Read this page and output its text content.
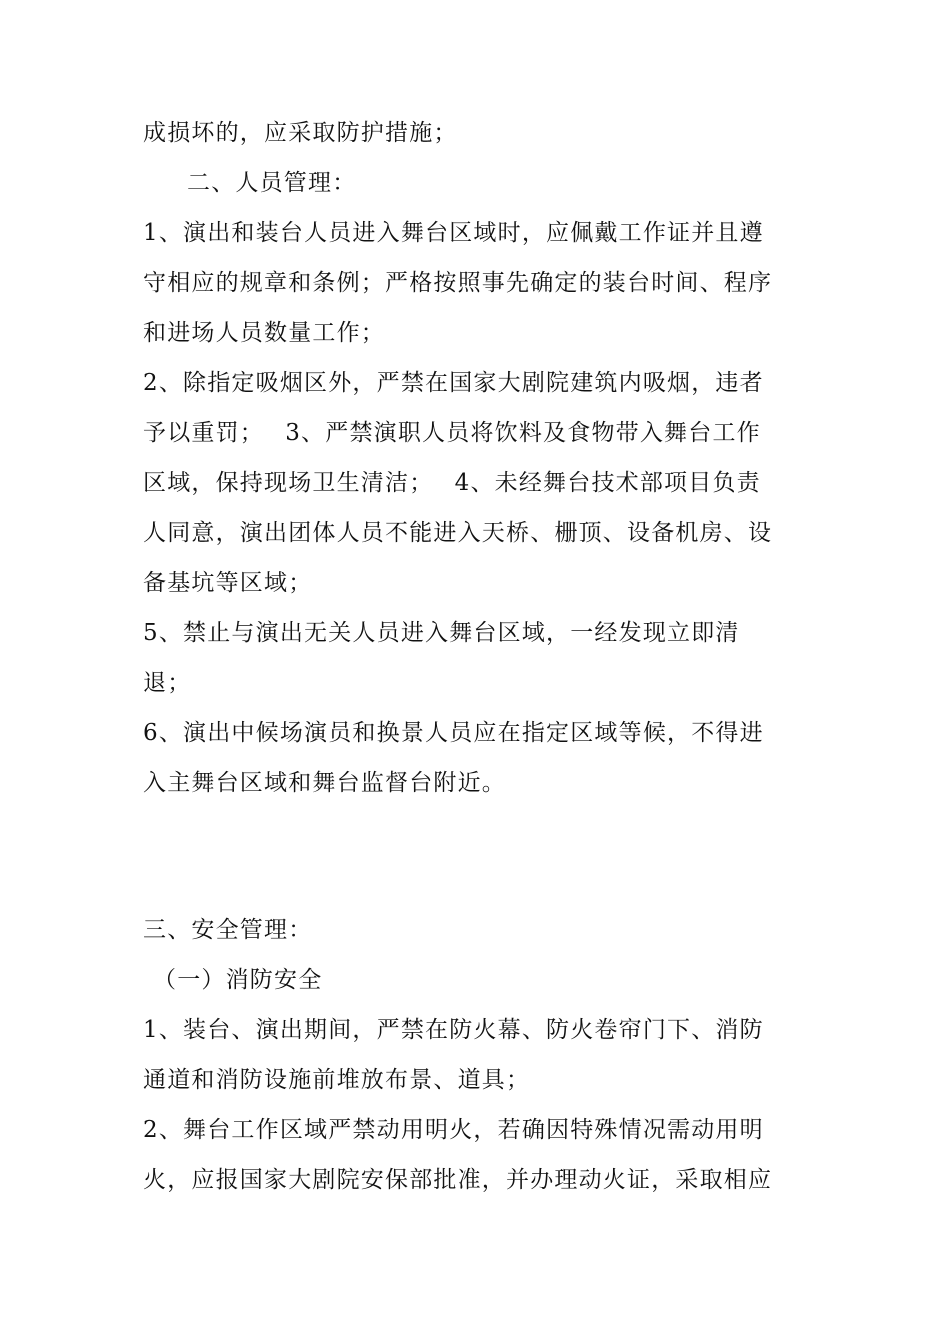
成损坏的，应采取防护措施；
二、人员管理：
1、演出和装台人员进入舞台区域时，应佩戴工作证并且遵
守相应的规章和条例；严格按照事先确定的装台时间、程序
和进场人员数量工作；
2、除指定吸烟区外，严禁在国家大剧院建筑内吸烟，违者
予以重罚；　 3、严禁演职人员将饮料及食物带入舞台工作
区域，保持现场卫生清洁；　 4、未经舞台技术部项目负责
人同意，演出团体人员不能进入天桥、栅顶、设备机房、设
备基坑等区域；
5、禁止与演出无关人员进入舞台区域，一经发现立即清
退；
6、演出中候场演员和换景人员应在指定区域等候，不得进
入主舞台区域和舞台监督台附近。
三、安全管理：
（一）消防安全
1、装台、演出期间，严禁在防火幕、防火卷帘门下、消防
通道和消防设施前堆放布景、道具；
2、舞台工作区域严禁动用明火，若确因特殊情况需动用明
火，应报国家大剧院安保部批准，并办理动火证，采取相应
